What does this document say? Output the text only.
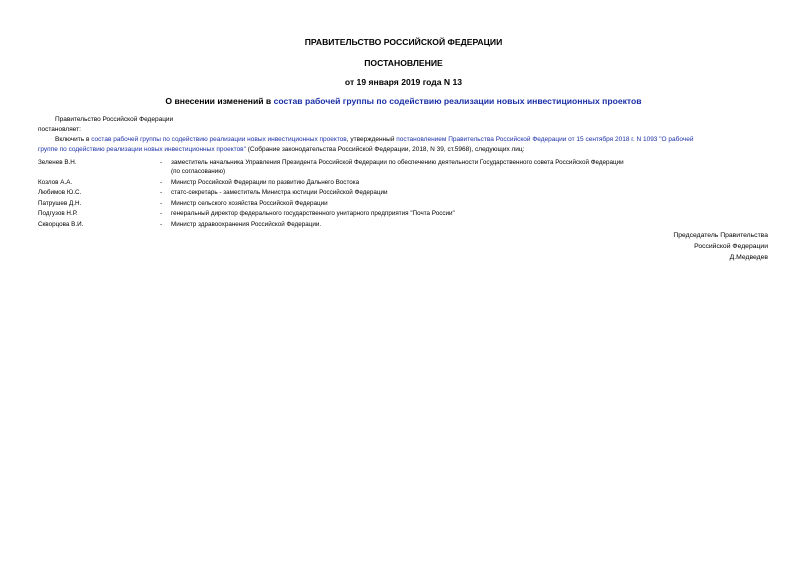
ПРАВИТЕЛЬСТВО РОССИЙСКОЙ ФЕДЕРАЦИИ
ПОСТАНОВЛЕНИЕ
от 19 января 2019 года N 13
О внесении изменений в состав рабочей группы по содействию реализации новых инвестиционных проектов
Правительство Российской Федерации
постановляет:
Включить в состав рабочей группы по содействию реализации новых инвестиционных проектов, утвержденный постановлением Правительства Российской Федерации от 15 сентября 2018 г. N 1093 "О рабочей
группе по содействию реализации новых инвестиционных проектов" (Собрание законодательства Российской Федерации, 2018, N 39, ст.5968), следующих лиц:
Зеленев В.Н.	- заместитель начальника Управления Президента Российской Федерации по обеспечению деятельности Государственного совета Российской Федерации
(по согласованию)
Козлов А.А.	- Министр Российской Федерации по развитию Дальнего Востока
Любимов Ю.С.	- статс-секретарь - заместитель Министра юстиции Российской Федерации
Патрушев Д.Н.	- Министр сельского хозяйства Российской Федерации
Подгузов Н.Р.	- генеральный директор федерального государственного унитарного предприятия "Почта России"
Скворцова В.И.	- Министр здравоохранения Российской Федерации.
Председатель Правительства
Российской Федерации
Д.Медведев
